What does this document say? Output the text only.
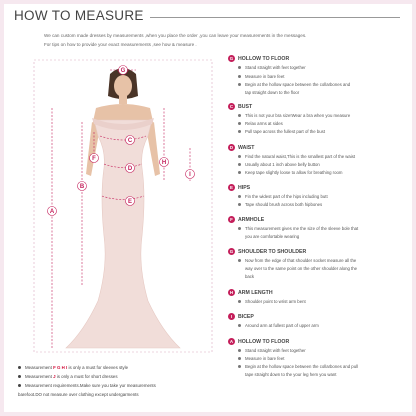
HOW TO MEASURE
We can custom made dresses by measurements ,when you place the order ,you can leave your measurements in the messages.
For tips on how to provide your exact measurements ,see how & measure .
G
F
C
D
E
H
I
B
A
G HOLLOW TO FLOOR
Stand straight with feet together
Measure in bare feet
Begin at the hollow space between the collarbones and
tap straight down to the floor
C BUST
This is not your bra size!Wear a bra when you measure
Relax arms at sides
Pull tape across the fullest part of the bust
D WAIST
Find the natural waist,This is the smallest part of the waist
Usually about 1 inch above belly button
Keep tape slightly loose to allow for breathing room
E HIPS
Fin the widest part of the hips including butt
Tape should brush across both hipbones
F ARMHOLE
This measurement gives me the size of the sleeve bole that
you are comfortable wearing
G SHOULDER TO SHOULDER
Now from the edge of that shoulder socket measure all the
way over to the same point on the other shoulder along the
back
H ARM LENGTH
Shoulder point to wrist arm bent
I	BICEP
Around arm at fullest part of upper arm
A HOLLOW TO FLOOR
Stand straight with feet together
Measure in bare feet
Begin at the hollow space between the collarbones and pull
tape straight down to the your leg hem you want
Measurement
F G H I
is only a must for sleeves style
Measurement
J
is only a must for short dresses
Measurement requirements.Make sure you take yur measurements
barefoot.DO not measure over clothing except undergarments
